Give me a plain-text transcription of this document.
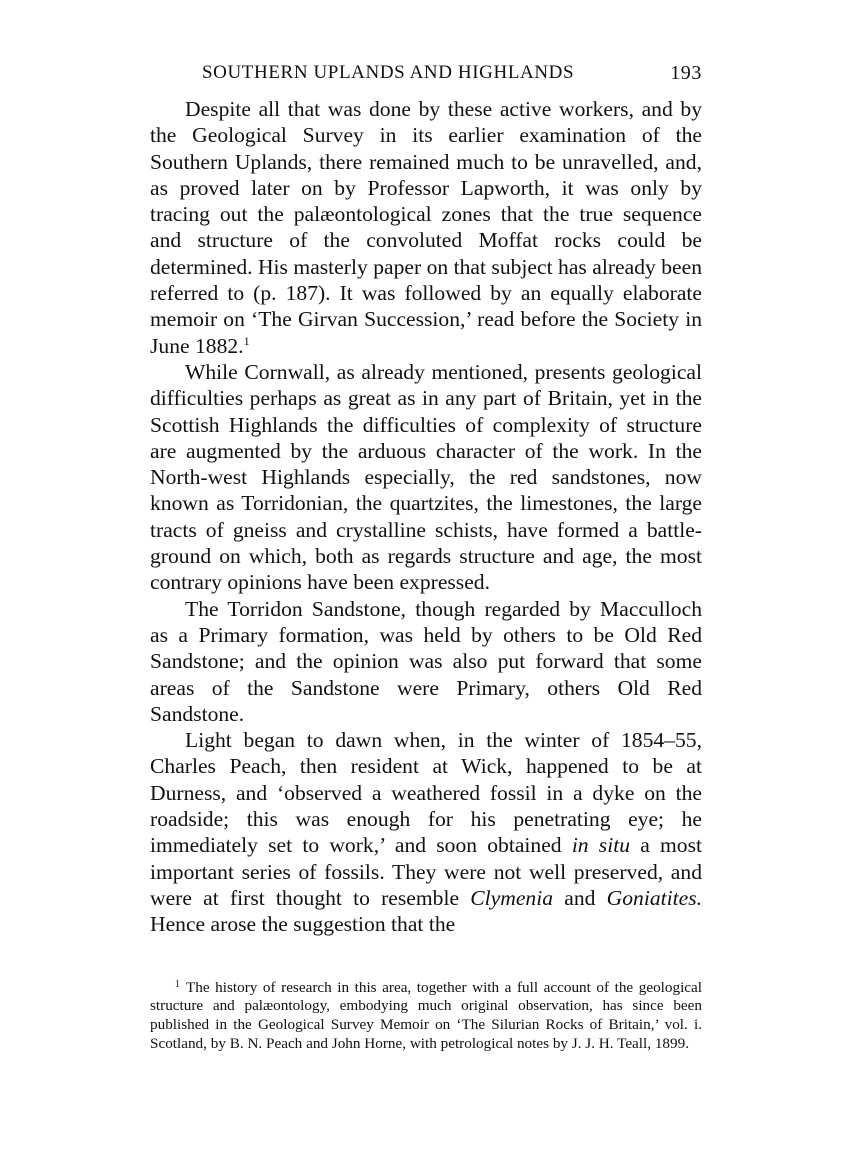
SOUTHERN UPLANDS AND HIGHLANDS	193

Despite all that was done by these active workers, and by the Geological Survey in its earlier examination of the Southern Uplands, there remained much to be unravelled, and, as proved later on by Professor Lapworth, it was only by tracing out the palæontological zones that the true sequence and structure of the convoluted Moffat rocks could be determined. His masterly paper on that subject has already been referred to (p. 187). It was followed by an equally elaborate memoir on ‘The Girvan Succession,’ read before the Society in June 1882.$^1$

While Cornwall, as already mentioned, presents geological difficulties perhaps as great as in any part of Britain, yet in the Scottish Highlands the difficulties of complexity of structure are augmented by the arduous character of the work. In the North-west Highlands especially, the red sandstones, now known as Torridonian, the quartzites, the limestones, the large tracts of gneiss and crystalline schists, have formed a battle-ground on which, both as regards structure and age, the most contrary opinions have been expressed.

The Torridon Sandstone, though regarded by Macculloch as a Primary formation, was held by others to be Old Red Sandstone; and the opinion was also put forward that some areas of the Sandstone were Primary, others Old Red Sandstone.

Light began to dawn when, in the winter of 1854–55, Charles Peach, then resident at Wick, happened to be at Durness, and ‘observed a weathered fossil in a dyke on the roadside; this was enough for his penetrating eye; he immediately set to work,’ and soon obtained in situ a most important series of fossils. They were not well preserved, and were at first thought to resemble Clymenia and Goniatites. Hence arose the suggestion that the

$^1$ The history of research in this area, together with a full account of the geological structure and palæontology, embodying much original observation, has since been published in the Geological Survey Memoir on ‘The Silurian Rocks of Britain,’ vol. i. Scotland, by B. N. Peach and John Horne, with petrological notes by J. J. H. Teall, 1899.
